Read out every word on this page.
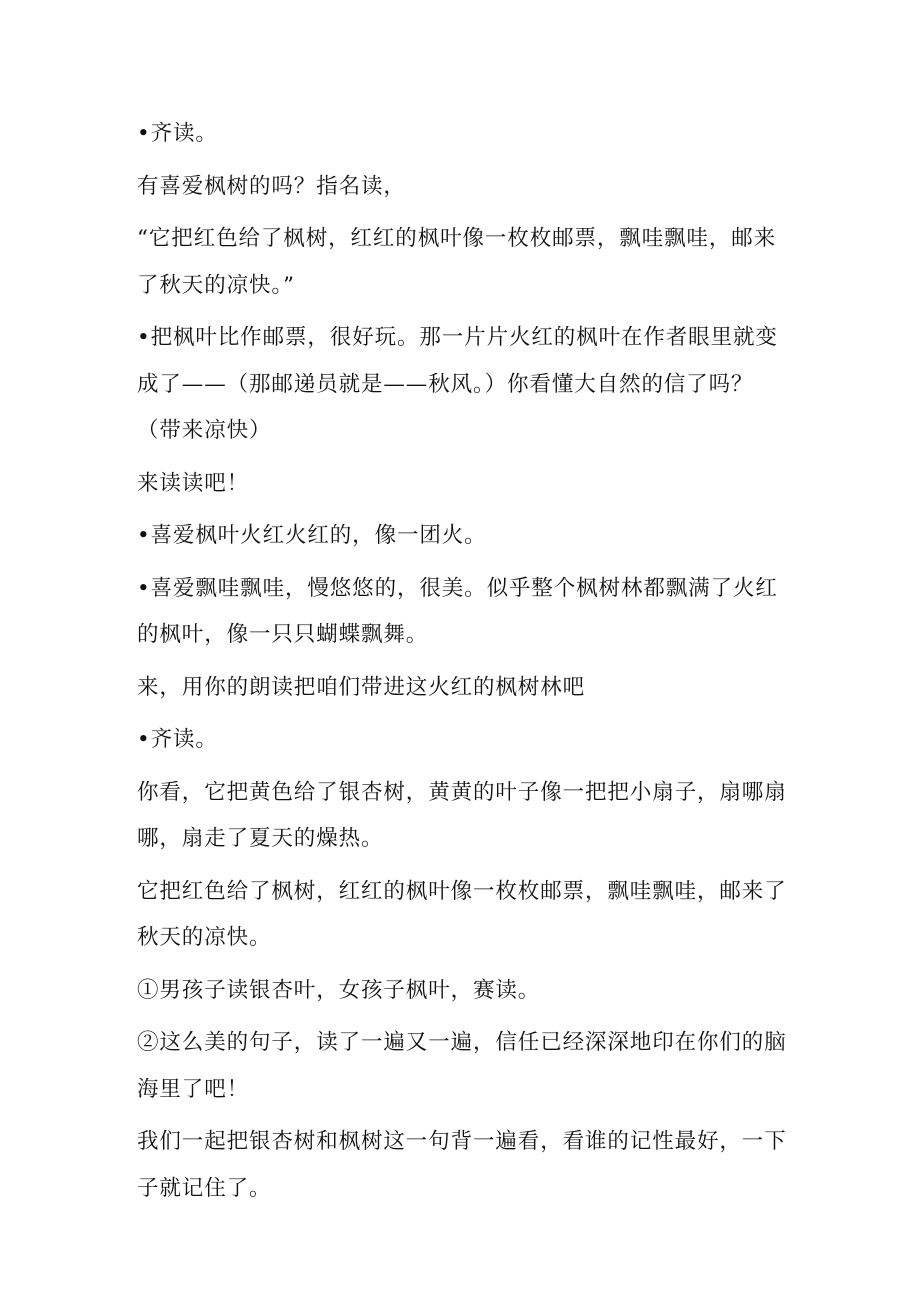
•齐读。

有喜爱枫树的吗？指名读，

“它把红色给了枫树，红红的枫叶像一枚枚邮票，飘哇飘哇，邮来了秋天的凉快。”

•把枫叶比作邮票，很好玩。那一片片火红的枫叶在作者眼里就变成了——（那邮递员就是——秋风。）你看懂大自然的信了吗？（带来凉快）

来读读吧！

•喜爱枫叶火红火红的，像一团火。

•喜爱飘哇飘哇，慢悠悠的，很美。似乎整个枫树林都飘满了火红的枫叶，像一只只蝴蝶飘舞。

来，用你的朗读把咱们带进这火红的枫树林吧

•齐读。

你看，它把黄色给了银杏树，黄黄的叶子像一把把小扇子，扇哪扇哪，扇走了夏天的燥热。

它把红色给了枫树，红红的枫叶像一枚枚邮票，飘哇飘哇，邮来了秋天的凉快。

①男孩子读银杏叶，女孩子枫叶，赛读。

②这么美的句子，读了一遍又一遍，信任已经深深地印在你们的脑海里了吧！

我们一起把银杏树和枫树这一句背一遍看，看谁的记性最好，一下子就记住了。
